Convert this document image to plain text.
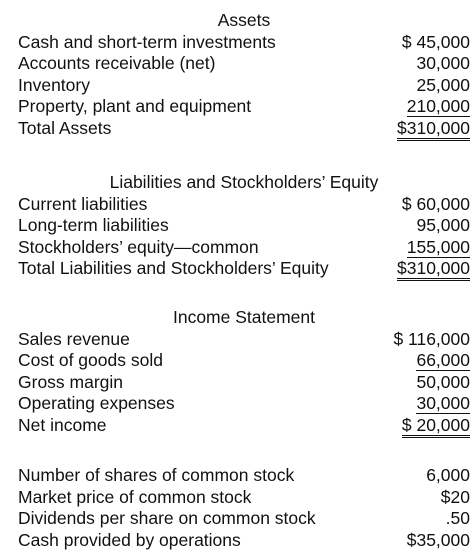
Assets
Cash and short-term investments	$ 45,000
Accounts receivable (net)	30,000
Inventory	25,000
Property, plant and equipment	210,000
Total Assets	$310,000
Liabilities and Stockholders’ Equity
Current liabilities	$ 60,000
Long-term liabilities	95,000
Stockholders’ equity—common	155,000
Total Liabilities and Stockholders’ Equity	$310,000
Income Statement
Sales revenue	$ 116,000
Cost of goods sold	66,000
Gross margin	50,000
Operating expenses	30,000
Net income	$ 20,000
Number of shares of common stock	6,000
Market price of common stock	$20
Dividends per share on common stock	.50
Cash provided by operations	$35,000
